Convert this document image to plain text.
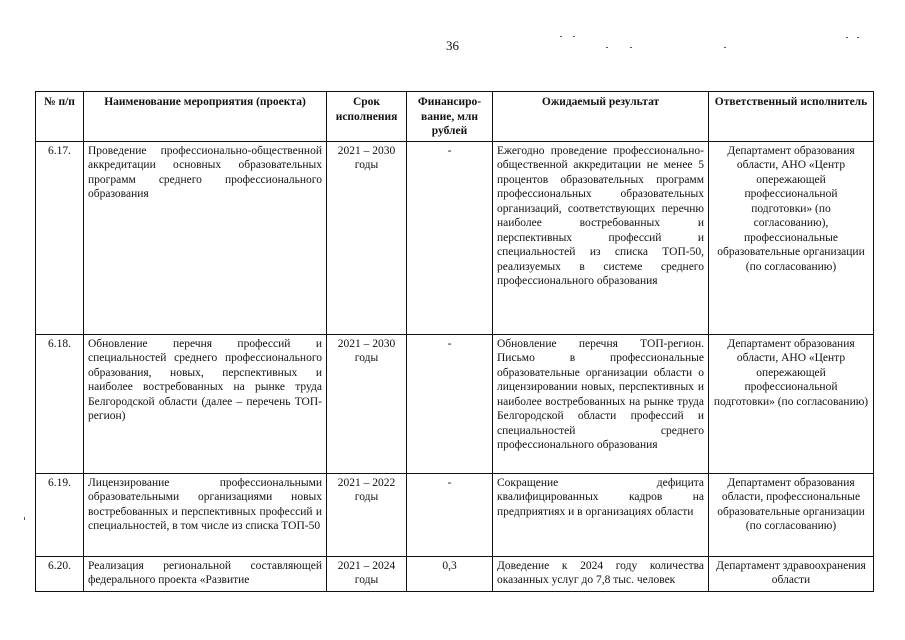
36
№ п/п	Наименование мероприятия (проекта)	Срок исполнения	Финансиро-вание, млн рублей	Ожидаемый результат	Ответственный исполнитель
6.17.	Проведение профессионально-общественной аккредитации основных образовательных программ среднего профессионального образования	2021 – 2030 годы	-	Ежегодно проведение профессионально-общественной аккредитации не менее 5 процентов образовательных программ профессиональных образовательных организаций, соответствующих перечню наиболее востребованных и перспективных профессий и специальностей из списка ТОП-50, реализуемых в системе среднего профессионального образования	Департамент образования области, АНО «Центр опережающей профессиональной подготовки» (по согласованию), профессиональные образовательные организации (по согласованию)
6.18.	Обновление перечня профессий и специальностей среднего профессионального образования, новых, перспективных и наиболее востребованных на рынке труда Белгородской области (далее – перечень ТОП-регион)	2021 – 2030 годы	-	Обновление перечня ТОП-регион. Письмо в профессиональные образовательные организации области о лицензировании новых, перспективных и наиболее востребованных на рынке труда Белгородской области профессий и специальностей среднего профессионального образования	Департамент образования области, АНО «Центр опережающей профессиональной подготовки» (по согласованию)
6.19.	Лицензирование профессиональными образовательными организациями новых востребованных и перспективных профессий и специальностей, в том числе из списка ТОП-50	2021 – 2022 годы	-	Сокращение дефицита квалифицированных кадров на предприятиях и в организациях области	Департамент образования области, профессиональные образовательные организации (по согласованию)
6.20.	Реализация региональной составляющей федерального проекта «Развитие	2021 – 2024 годы	0,3	Доведение к 2024 году количества оказанных услуг до 7,8 тыс. человек	Департамент здравоохранения области
